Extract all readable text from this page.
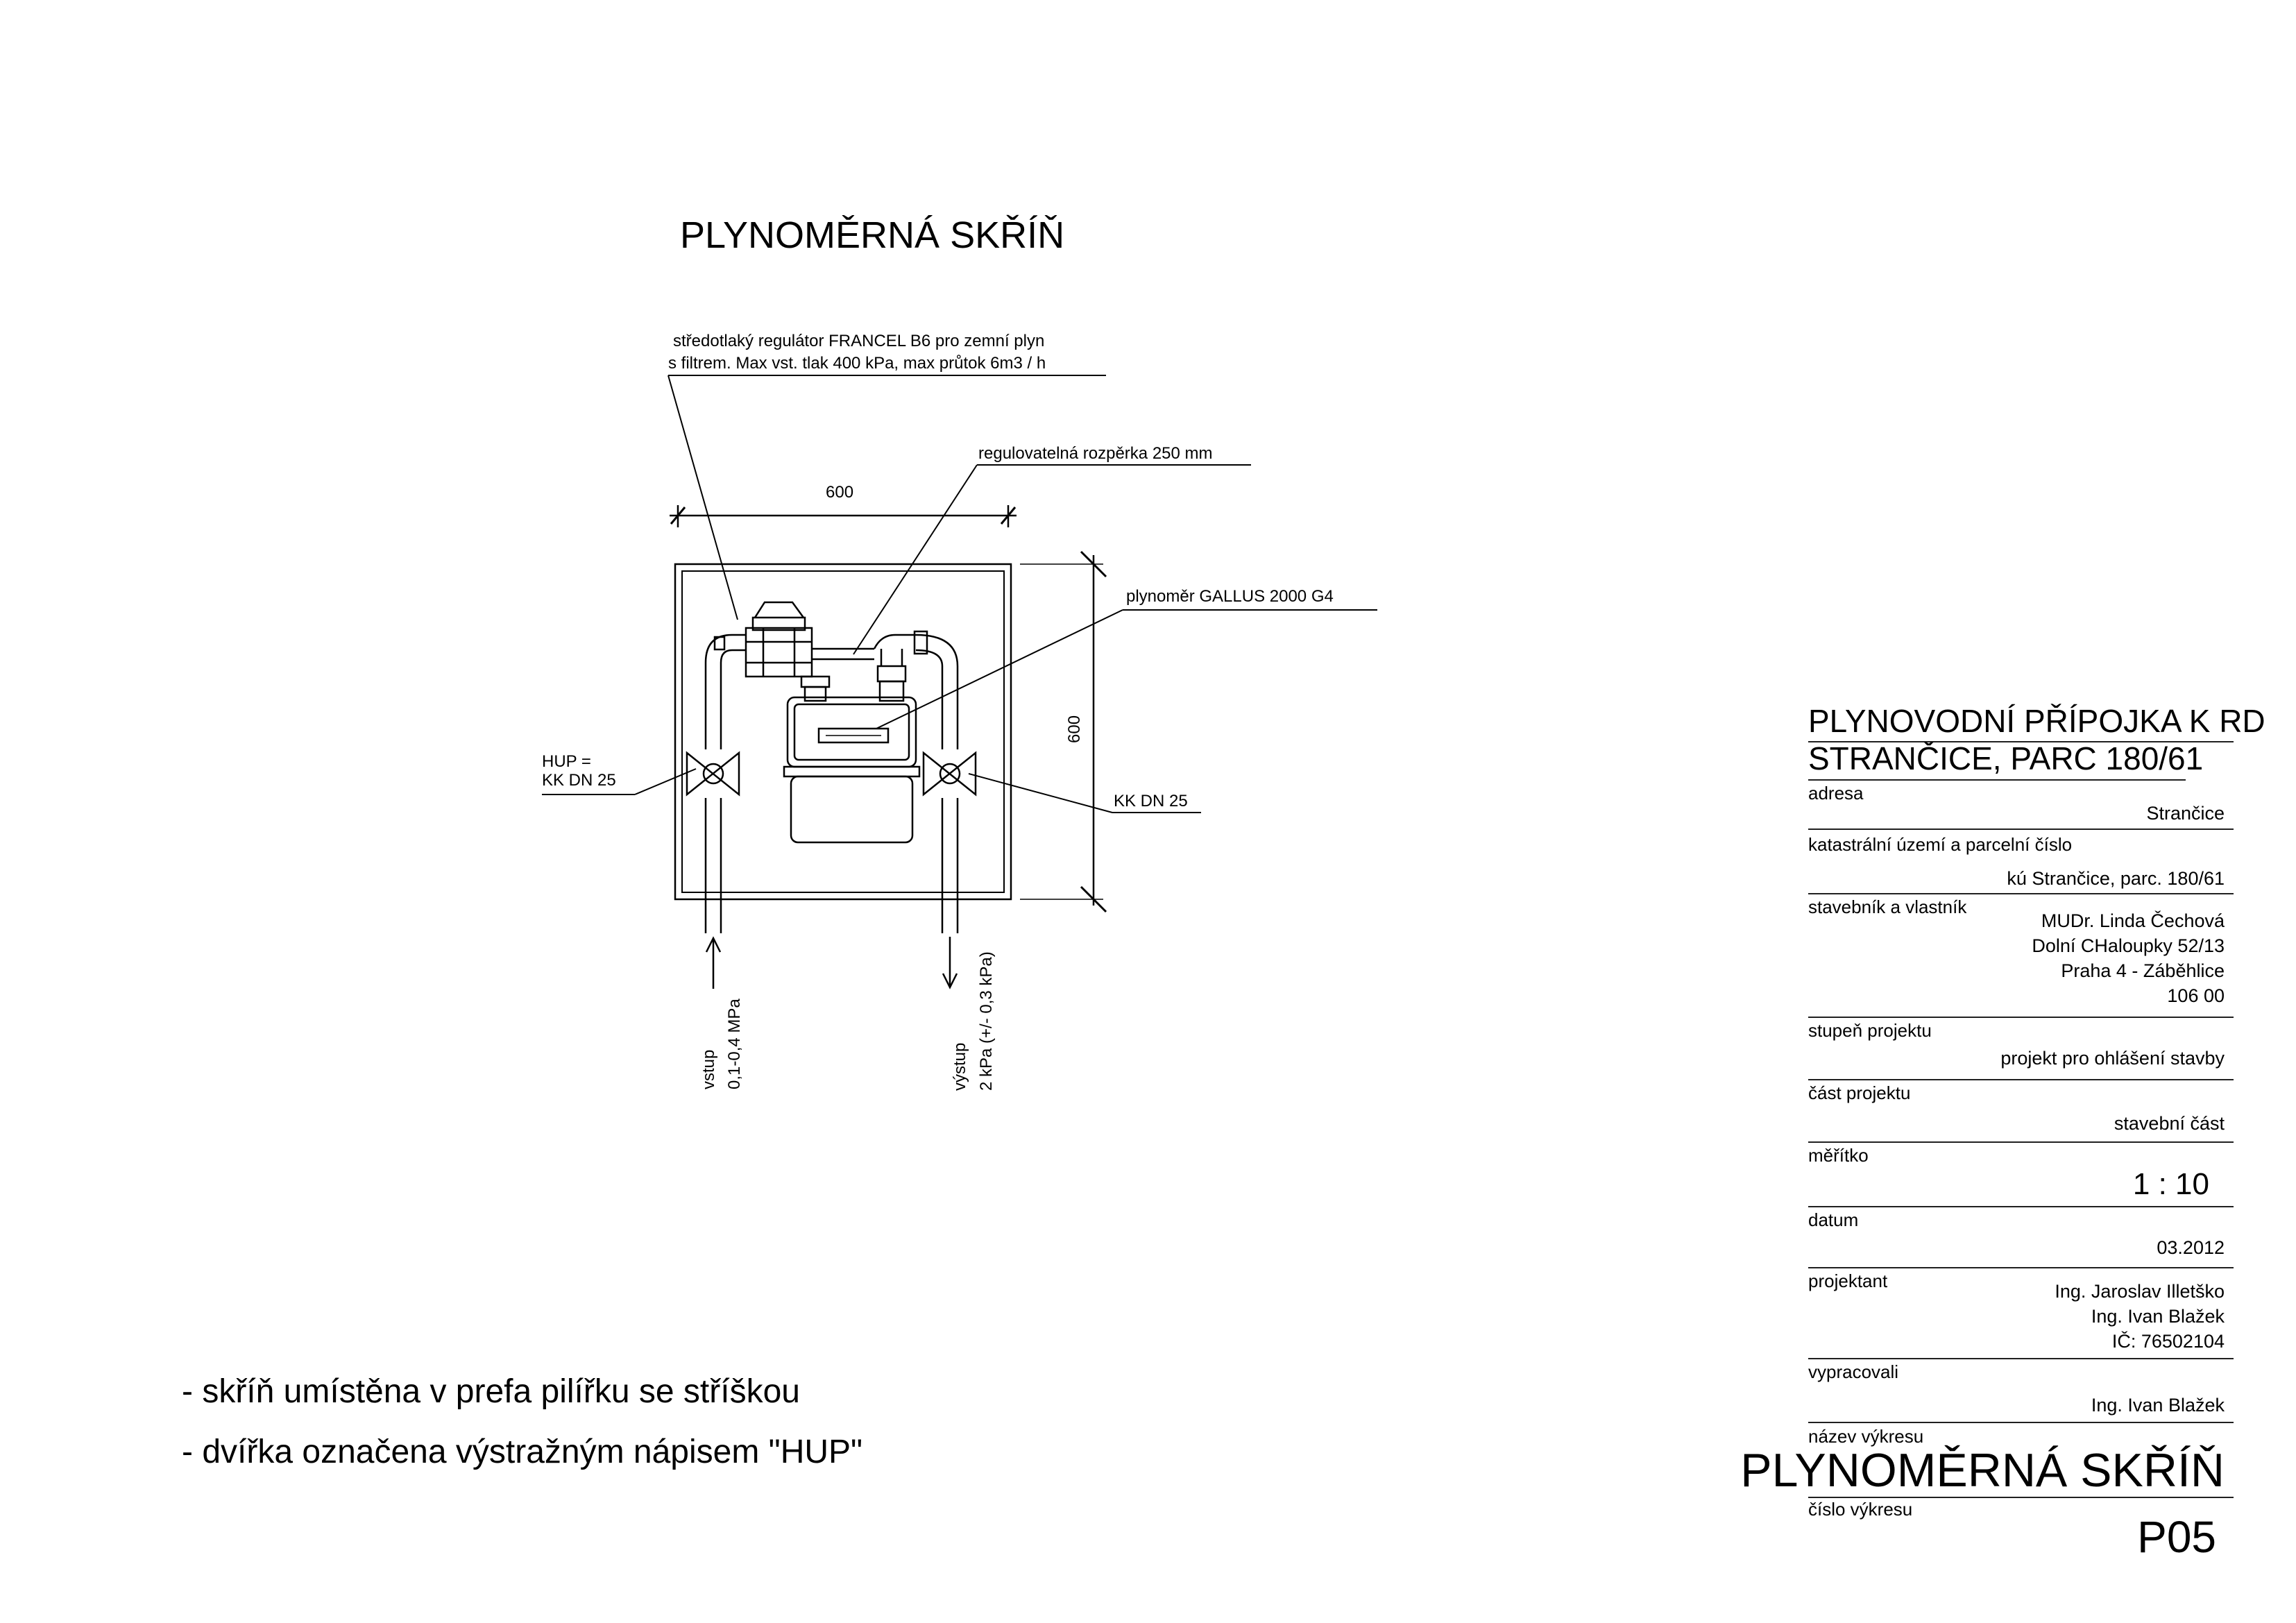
PLYNOMĚRNÁ SKŘÍŇ
středotlaký regulátor FRANCEL B6 pro zemní plyn
s filtrem. Max vst. tlak 400 kPa, max průtok 6m3 / h
regulovatelná rozpěrka 250 mm
plynoměr GALLUS 2000 G4
HUP =
KK DN 25
KK DN 25
600
600
vstup 0,1-0,4 MPa	výstup 2 kPa (+/- 0,3 kPa)
- skříň umístěna v prefa pilířku se stříškou
- dvířka označena výstražným nápisem "HUP"
PLYNOVODNÍ PŘÍPOJKA K RD
STRANČICE, PARC 180/61
adresa
Strančice
katastrální území a parcelní číslo
kú Strančice, parc. 180/61
stavebník a vlastník
MUDr. Linda Čechová
Dolní CHaloupky 52/13
Praha 4 - Záběhlice
106 00
stupeň projektu
projekt pro ohlášení stavby
část projektu
stavební část
měřítko
1 : 10
datum
03.2012
projektant	Ing. Jaroslav Illetško
Ing. Ivan Blažek
IČ: 76502104
vypracovali
Ing. Ivan Blažek
název výkresu
PLYNOMĚRNÁ SKŘÍŇ
číslo výkresu
P05
